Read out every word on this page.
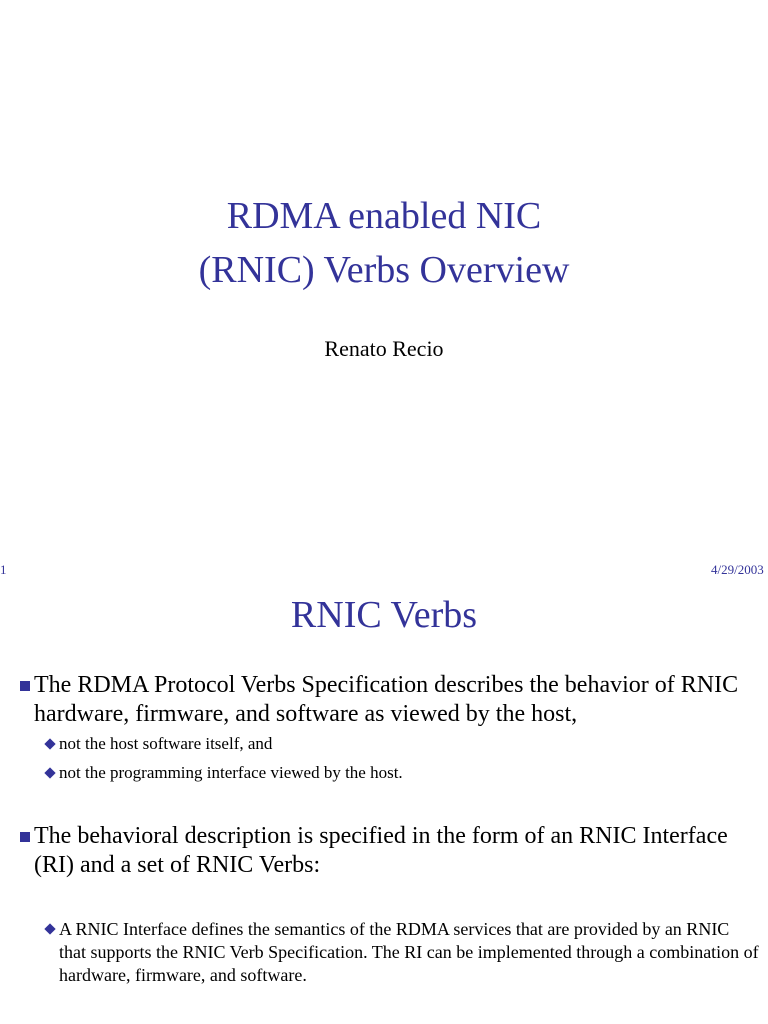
RDMA enabled NIC
(RNIC) Verbs Overview
Renato Recio
1	4/29/2003
RNIC Verbs
The RDMA Protocol Verbs Specification describes the behavior of RNIC hardware, firmware, and software as viewed by the host,
not the host software itself, and
not the programming interface viewed by the host.
The behavioral description is specified in the form of an RNIC Interface (RI) and a set of RNIC Verbs:
A RNIC Interface defines the semantics of the RDMA services that are provided by an RNIC that supports the RNIC Verb Specification. The RI can be implemented through a combination of hardware, firmware, and software.
